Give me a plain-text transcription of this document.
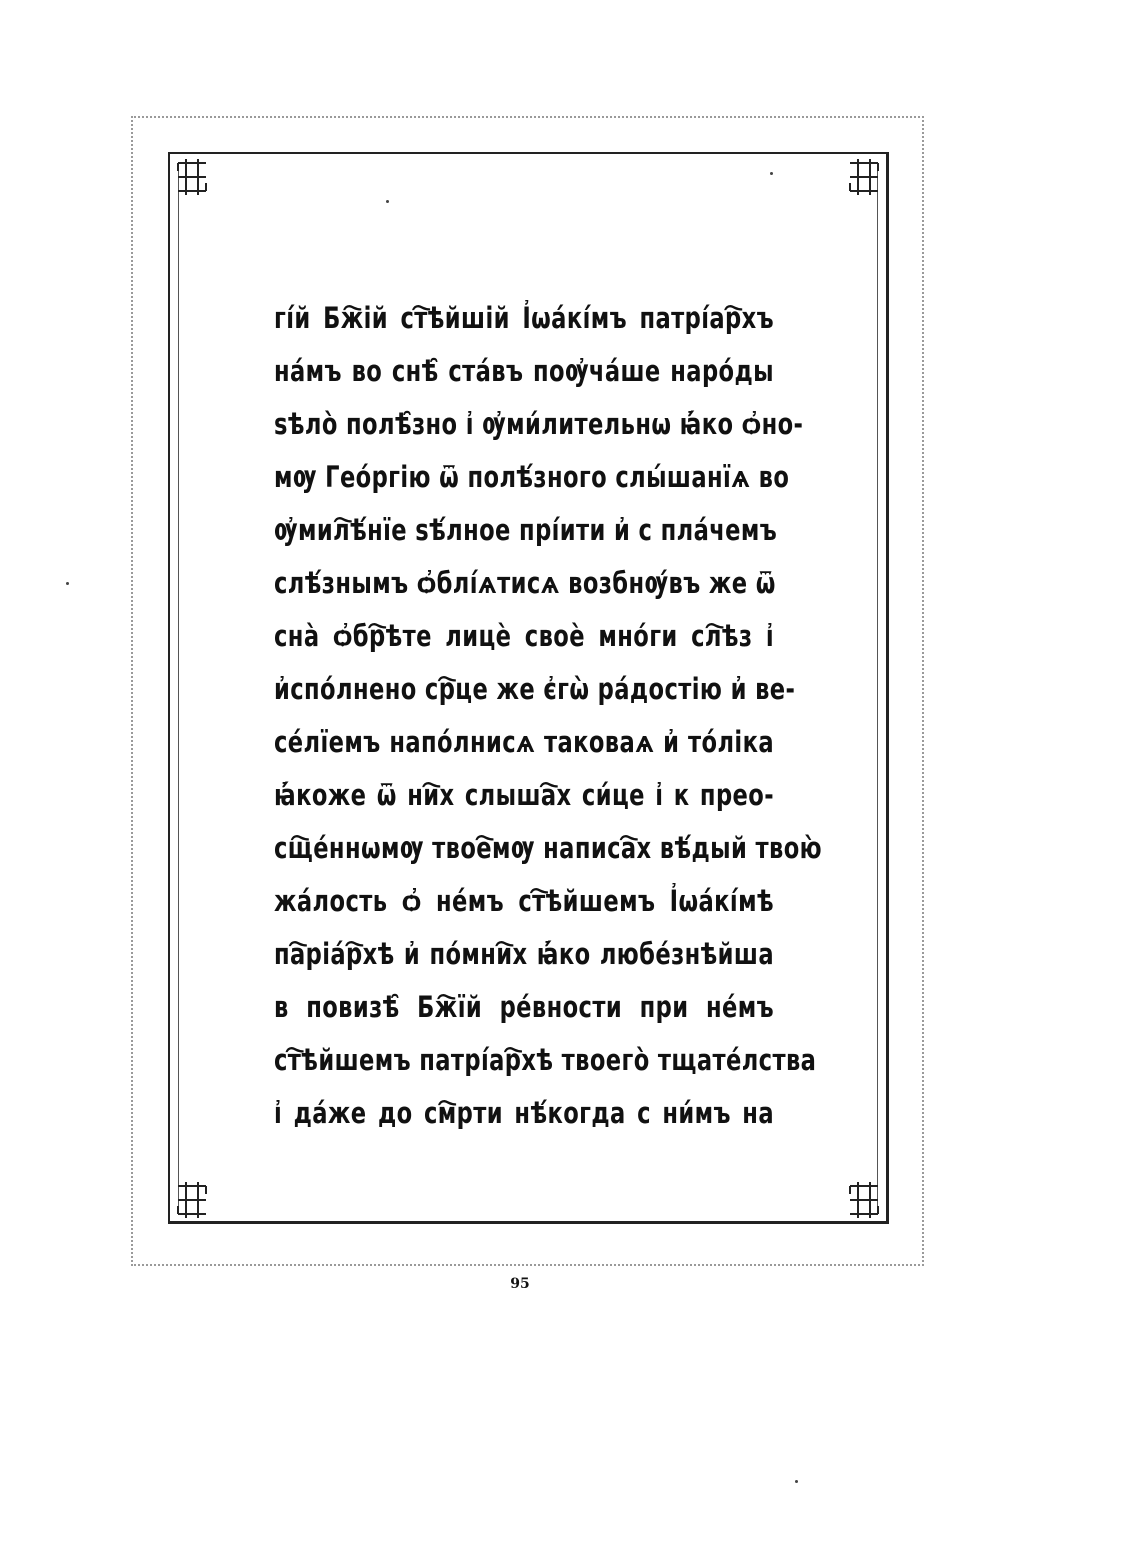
гі́й Бж҇ій ст҇ѣйшій І҆ѡа́кі́мъ патрі́ар҇хъ
на́мъ во снѣ̑ ста́въ поѹ҆ча́ше наро́ды
ѕѣло̀ полѣ̑зно і҆ ѹ҆ми́лительнѡ ꙗ҆́ко ѻ҆но-
мѹ Гео́ргію ѿ полѣ́зного слы́шанїѧ во
ѹ҆мил҇ѣ́нїе ѕѣ́лное прі́ити и҆ с пла́чемъ
слѣ́знымъ ѻ҆блі́ѧтисѧ возбнѹ́въ же ѿ
сна̀ ѻ҆бр҇ѣте лицѐ своѐ мно́ги сл҇ѣз і҆
и҆спо́лнено ср҇це же є҆гѡ̀ ра́достію и҆ ве-
се́лїемъ напо́лнисѧ таковаѧ и҆ то́ліка
ꙗ҆́коже ѿ ни҇х слыша҇х си́це і҆ к прео-
сщ҇е́ннѡмѹ твое҇мѹ написа҇х вѣ́дый твою̀
жа́лость ѻ҆ не́мъ ст҇ѣйшемъ І҆ѡа́кі́мѣ
па҇ріа́р҇хѣ и҆ по́мни҇х ꙗ҆́ко любе́знѣйша
в повизѣ̑ Бж҇їй ре́вности при не́мъ
ст҇ѣйшемъ патрі́ар҇хѣ твоего̀ тщате́лства
і҆ да́же до см҇рти нѣ́когда с ни́мъ на
95
